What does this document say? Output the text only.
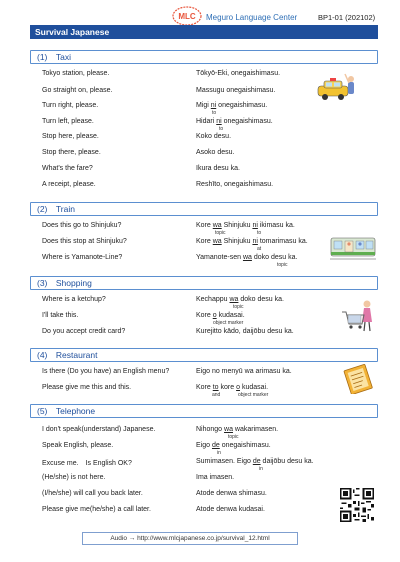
MLC Meguro Language Center	BP1-01 (202102)
Survival Japanese
(1)　Taxi
Tokyo station, please.	Tōkyō-Eki, onegaishimasu.
Go straight on, please.	Massugu onegaishimasu.
Turn right, please.	Migi ni onegaishimasu.
to
Turn left, please.	Hidari ni onegaishimasu.
to
Stop here, please.	Koko desu.
Stop there, please.	Asoko desu.
What's the fare?	Ikura desu ka.
A receipt, please.	Reshīto, onegaishimasu.
(2)　Train
Does this go to Shinjuku?	Kore wa Shinjuku ni ikimasu ka.
topic	to
Does this stop at Shinjuku?	Kore wa Shinjuku ni tomarimasu ka.
at
Where is Yamanote-Line?	Yamanote-sen wa doko desu ka.
topic
(3)　Shopping
Where is a ketchup?	Kechappu wa doko desu ka.
topic
I'll take this.	Kore o kudasai.
object marker
Do you accept credit card?	Kurejitto kādo, daijōbu desu ka.
(4)　Restaurant
Is there (Do you have) an English menu?	Eigo no menyū wa arimasu ka.
Please give me this and this.	Kore to kore o kudasai.
and	object marker
(5)　Telephone
I don't speak(understand) Japanese.	Nihongo wa wakarimasen.
topic
Speak English, please.	Eigo de onegaishimasu.
in
Excuse me.　Is English OK?	Sumimasen. Eigo de daijōbu desu ka.
in
(He/she) is not here.	Ima imasen.
(I/he/she) will call you back later.	Atode denwa shimasu.
Please give me(he/she) a call later.	Atode denwa kudasai.
Audio → http://www.mlcjapanese.co.jp/survival_12.html
